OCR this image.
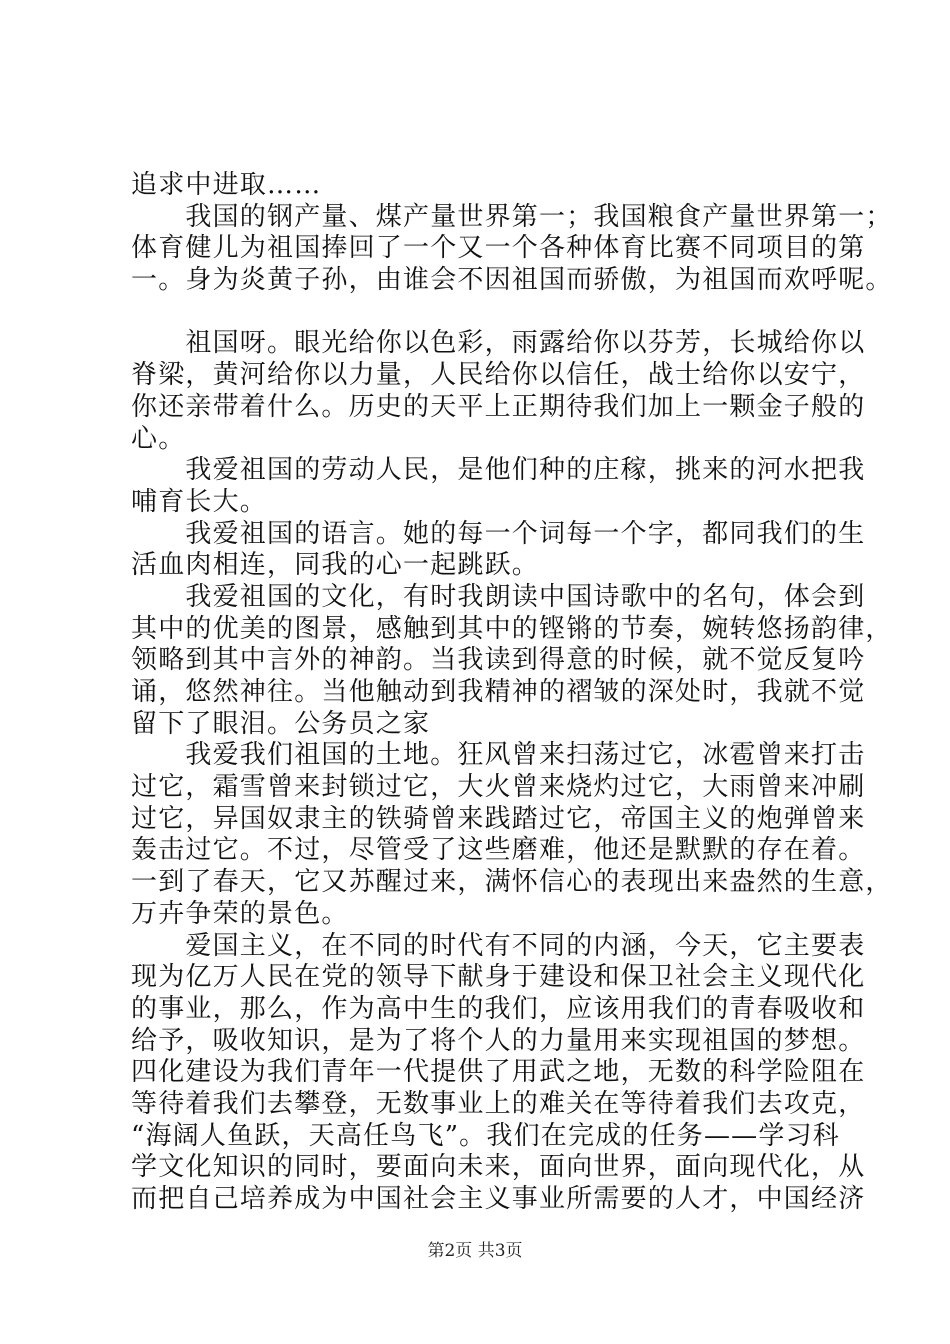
追求中进取……
　　我国的钢产量、煤产量世界第一；我国粮食产量世界第一；
体育健儿为祖国捧回了一个又一个各种体育比赛不同项目的第
一。身为炎黄子孙，由谁会不因祖国而骄傲，为祖国而欢呼呢。
　　祖国呀。眼光给你以色彩，雨露给你以芬芳，长城给你以
脊梁，黄河给你以力量，人民给你以信任，战士给你以安宁，
你还亲带着什么。历史的天平上正期待我们加上一颗金子般的
心。
　　我爱祖国的劳动人民，是他们种的庄稼，挑来的河水把我
哺育长大。
　　我爱祖国的语言。她的每一个词每一个字，都同我们的生
活血肉相连，同我的心一起跳跃。
　　我爱祖国的文化，有时我朗读中国诗歌中的名句，体会到
其中的优美的图景，感触到其中的铿锵的节奏，婉转悠扬韵律，
领略到其中言外的神韵。当我读到得意的时候，就不觉反复吟
诵，悠然神往。当他触动到我精神的褶皱的深处时，我就不觉
留下了眼泪。公务员之家
　　我爱我们祖国的土地。狂风曾来扫荡过它，冰雹曾来打击
过它，霜雪曾来封锁过它，大火曾来烧灼过它，大雨曾来冲刷
过它，异国奴隶主的铁骑曾来践踏过它，帝国主义的炮弹曾来
轰击过它。不过，尽管受了这些磨难，他还是默默的存在着。
一到了春天，它又苏醒过来，满怀信心的表现出来盎然的生意，
万卉争荣的景色。
　　爱国主义，在不同的时代有不同的内涵，今天，它主要表
现为亿万人民在党的领导下献身于建设和保卫社会主义现代化
的事业，那么，作为高中生的我们，应该用我们的青春吸收和
给予，吸收知识，是为了将个人的力量用来实现祖国的梦想。
四化建设为我们青年一代提供了用武之地，无数的科学险阻在
等待着我们去攀登，无数事业上的难关在等待着我们去攻克，
“海阔人鱼跃，天高任鸟飞”。我们在完成的任务——学习科
学文化知识的同时，要面向未来，面向世界，面向现代化，从
而把自己培养成为中国社会主义事业所需要的人才，中国经济
第2页 共3页
